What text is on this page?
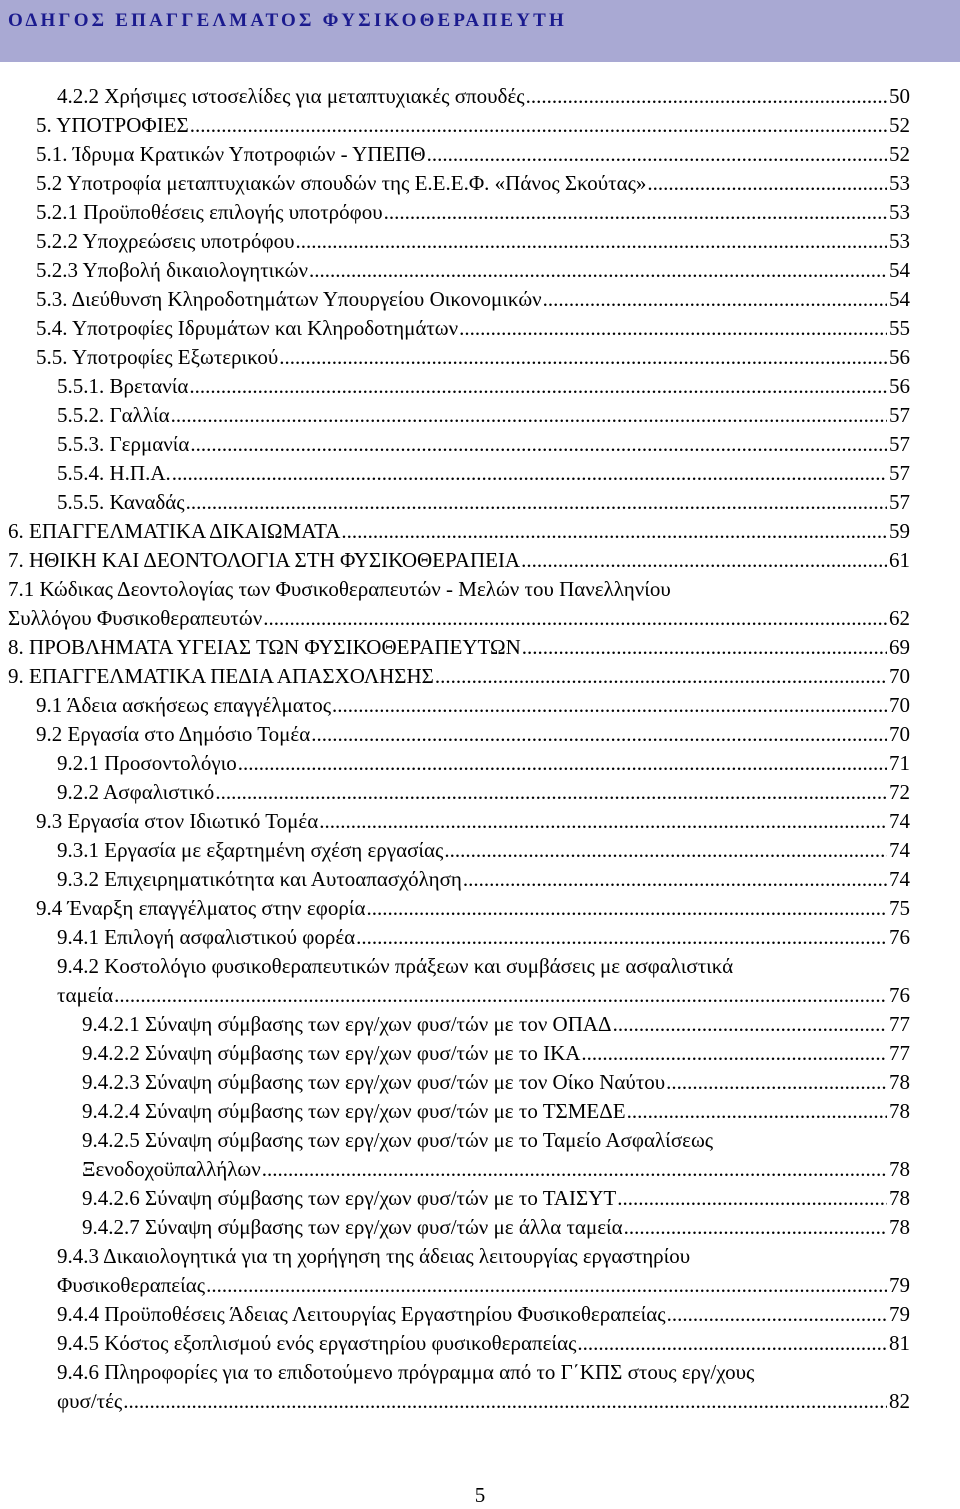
ΟΔΗΓΟΣ ΕΠΑΓΓΕΛΜΑΤΟΣ ΦΥΣΙΚΟΘΕΡΑΠΕΥΤΗ
4.2.2 Χρήσιμες ιστοσελίδες για μεταπτυχιακές σπουδές .....	50
5. ΥΠΟΤΡΟΦΙΕΣ .....	52
5.1. Ίδρυμα Κρατικών Υποτροφιών - ΥΠΕΠΘ .....	52
5.2 Υποτροφία μεταπτυχιακών σπουδών της Ε.Ε.Ε.Φ. «Πάνος Σκούτας» .....	53
5.2.1 Προϋποθέσεις επιλογής υποτρόφου .....	53
5.2.2 Υποχρεώσεις υποτρόφου .....	53
5.2.3 Υποβολή δικαιολογητικών .....	54
5.3. Διεύθυνση Κληροδοτημάτων Υπουργείου Οικονομικών .....	54
5.4. Υποτροφίες Ιδρυμάτων και Κληροδοτημάτων .....	55
5.5. Υποτροφίες Εξωτερικού .....	56
5.5.1. Βρετανία .....	56
5.5.2. Γαλλία .....	57
5.5.3. Γερμανία .....	57
5.5.4. Η.Π.Α. .....	57
5.5.5. Καναδάς .....	57
6. ΕΠΑΓΓΕΛΜΑΤΙΚΑ ΔΙΚΑΙΩΜΑΤΑ .....	59
7. ΗΘΙΚΗ ΚΑΙ ΔΕΟΝΤΟΛΟΓΙΑ ΣΤΗ ΦΥΣΙΚΟΘΕΡΑΠΕΙΑ .....	61
7.1 Κώδικας Δεοντολογίας των Φυσικοθεραπευτών - Μελών του Πανελληνίου
Συλλόγου Φυσικοθεραπευτών .....	62
8. ΠΡΟΒΛΗΜΑΤΑ ΥΓΕΙΑΣ ΤΩΝ ΦΥΣΙΚΟΘΕΡΑΠΕΥΤΩΝ .....	69
9. ΕΠΑΓΓΕΛΜΑΤΙΚΑ ΠΕΔΙΑ ΑΠΑΣΧΟΛΗΣΗΣ .....	70
9.1 Άδεια ασκήσεως επαγγέλματος .....	70
9.2 Εργασία στο Δημόσιο Τομέα .....	70
9.2.1 Προσοντολόγιο .....	71
9.2.2 Ασφαλιστικό .....	72
9.3 Εργασία στον Ιδιωτικό Τομέα .....	74
9.3.1 Εργασία με εξαρτημένη σχέση εργασίας .....	74
9.3.2 Επιχειρηματικότητα και Αυτοαπασχόληση .....	74
9.4 Έναρξη επαγγέλματος στην εφορία .....	75
9.4.1 Επιλογή ασφαλιστικού φορέα .....	76
9.4.2 Κοστολόγιο φυσικοθεραπευτικών πράξεων και συμβάσεις με ασφαλιστικά
ταμεία .....	76
9.4.2.1 Σύναψη σύμβασης των εργ/χων φυσ/τών με τον ΟΠΑΔ .....	77
9.4.2.2 Σύναψη σύμβασης των εργ/χων φυσ/τών με το ΙΚΑ .....	77
9.4.2.3 Σύναψη σύμβασης των εργ/χων φυσ/τών με τον Οίκο Ναύτου .....	78
9.4.2.4 Σύναψη σύμβασης των εργ/χων φυσ/τών με το ΤΣΜΕΔΕ .....	78
9.4.2.5 Σύναψη σύμβασης των εργ/χων φυσ/τών με το Ταμείο Ασφαλίσεως
Ξενοδοχοϋπαλλήλων .....	78
9.4.2.6 Σύναψη σύμβασης των εργ/χων φυσ/τών με το ΤΑΙΣΥΤ .....	78
9.4.2.7 Σύναψη σύμβασης των εργ/χων φυσ/τών με άλλα ταμεία .....	78
9.4.3 Δικαιολογητικά για τη χορήγηση της άδειας λειτουργίας εργαστηρίου
Φυσικοθεραπείας .....	79
9.4.4 Προϋποθέσεις Άδειας Λειτουργίας Εργαστηρίου Φυσικοθεραπείας .....	79
9.4.5 Κόστος εξοπλισμού ενός εργαστηρίου φυσικοθεραπείας .....	81
9.4.6 Πληροφορίες για το επιδοτούμενο πρόγραμμα από το Γ΄ΚΠΣ στους εργ/χους
φυσ/τές .....	82
5
